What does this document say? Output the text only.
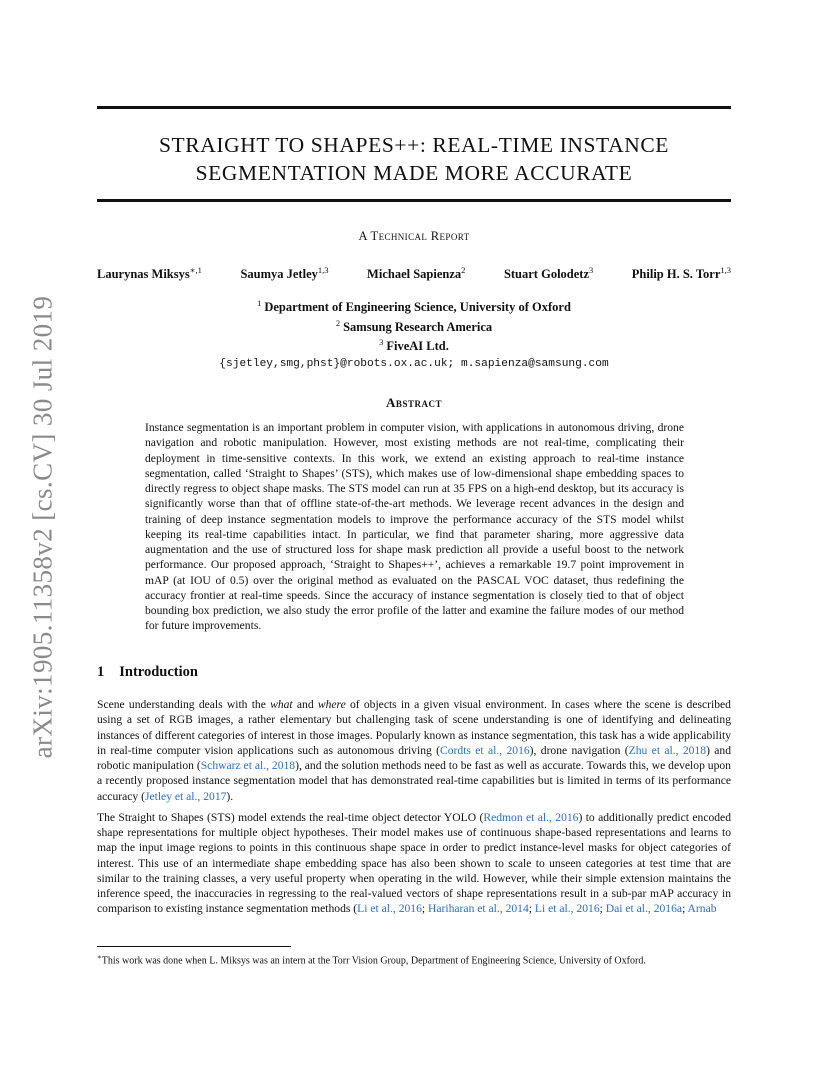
arXiv:1905.11358v2 [cs.CV] 30 Jul 2019
STRAIGHT TO SHAPES++: REAL-TIME INSTANCE
SEGMENTATION MADE MORE ACCURATE
A Technical Report
Laurynas Miksys$^{∗,1}$	Saumya Jetley$^{1,3}$	Michael Sapienza$^2$	Stuart Golodetz$^3$	Philip H. S. Torr$^{1,3}$
$^1$ Department of Engineering Science, University of Oxford
$^2$ Samsung Research America
$^3$ FiveAI Ltd.
{sjetley,smg,phst}@robots.ox.ac.uk; m.sapienza@samsung.com
Abstract
Instance segmentation is an important problem in computer vision, with applications in autonomous driving, drone navigation and robotic manipulation. However, most existing methods are not real-time, complicating their deployment in time-sensitive contexts. In this work, we extend an existing approach to real-time instance segmentation, called ‘Straight to Shapes’ (STS), which makes use of low-dimensional shape embedding spaces to directly regress to object shape masks. The STS model can run at 35 FPS on a high-end desktop, but its accuracy is significantly worse than that of offline state-of-the-art methods. We leverage recent advances in the design and training of deep instance segmentation models to improve the performance accuracy of the STS model whilst keeping its real-time capabilities intact. In particular, we find that parameter sharing, more aggressive data augmentation and the use of structured loss for shape mask prediction all provide a useful boost to the network performance. Our proposed approach, ‘Straight to Shapes++’, achieves a remarkable 19.7 point improvement in mAP (at IOU of 0.5) over the original method as evaluated on the PASCAL VOC dataset, thus redefining the accuracy frontier at real-time speeds. Since the accuracy of instance segmentation is closely tied to that of object bounding box prediction, we also study the error profile of the latter and examine the failure modes of our method for future improvements.
1 Introduction

Scene understanding deals with the what and where of objects in a given visual environment. In cases where the scene is described using a set of RGB images, a rather elementary but challenging task of scene understanding is one of identifying and delineating instances of different categories of interest in those images. Popularly known as instance segmentation, this task has a wide applicability in real-time computer vision applications such as autonomous driving (Cordts et al., 2016), drone navigation (Zhu et al., 2018) and robotic manipulation (Schwarz et al., 2018), and the solution methods need to be fast as well as accurate. Towards this, we develop upon a recently proposed instance segmentation model that has demonstrated real-time capabilities but is limited in terms of its performance accuracy (Jetley et al., 2017).

The Straight to Shapes (STS) model extends the real-time object detector YOLO (Redmon et al., 2016) to additionally predict encoded shape representations for multiple object hypotheses. Their model makes use of continuous shape-based representations and learns to map the input image regions to points in this continuous shape space in order to predict instance-level masks for object categories of interest. This use of an intermediate shape embedding space has also been shown to scale to unseen categories at test time that are similar to the training classes, a very useful property when operating in the wild. However, while their simple extension maintains the inference speed, the inaccuracies in regressing to the real-valued vectors of shape representations result in a sub-par mAP accuracy in comparison to existing instance segmentation methods (Li et al., 2016; Hariharan et al., 2014; Li et al., 2016; Dai et al., 2016a; Arnab

∗This work was done when L. Miksys was an intern at the Torr Vision Group, Department of Engineering Science, University of Oxford.
